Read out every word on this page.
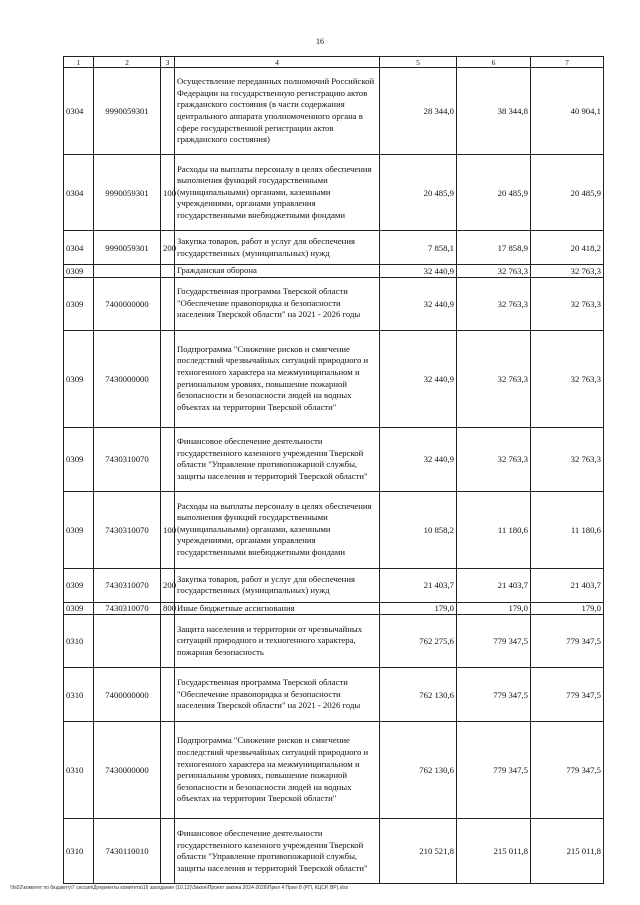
16
1	2	3	4	5	6	7
0304	9990059301		Осуществление переданных полномочий Российской Федерации на государственную регистрацию актов гражданского состояния (в части содержания центрального аппарата уполномоченного органа в сфере государственной регистрации актов гражданского состояния)	28 344,0	38 344,8	40 904,1
0304	9990059301	100	Расходы на выплаты персоналу в целях обеспечения выполнения функций государственными (муниципальными) органами, казенными учреждениями, органами управления государственными внебюджетными фондами	20 485,9	20 485,9	20 485,9
0304	9990059301	200	Закупка товаров, работ и услуг для обеспечения государственных (муниципальных) нужд	7 858,1	17 858,9	20 418,2
0309			Гражданская оборона	32 440,9	32 763,3	32 763,3
0309	7400000000		Государственная программа Тверской области "Обеспечение правопорядка и безопасности населения Тверской области" на 2021 - 2026 годы	32 440,9	32 763,3	32 763,3
0309	7430000000		Подпрограмма "Снижение рисков и смягчение последствий чрезвычайных ситуаций природного и техногенного характера на межмуниципальном и региональном уровнях, повышение пожарной безопасности и безопасности людей на водных объектах на территории Тверской области"	32 440,9	32 763,3	32 763,3
0309	7430310070		Финансовое обеспечение деятельности государственного казенного учреждения Тверской области "Управление противопожарной службы, защиты населения и территорий Тверской области"	32 440,9	32 763,3	32 763,3
0309	7430310070	100	Расходы на выплаты персоналу в целях обеспечения выполнения функций государственными (муниципальными) органами, казенными учреждениями, органами управления государственными внебюджетными фондами	10 858,2	11 180,6	11 180,6
0309	7430310070	200	Закупка товаров, работ и услуг для обеспечения государственных (муниципальных) нужд	21 403,7	21 403,7	21 403,7
0309	7430310070	800	Иные бюджетные ассигнования	179,0	179,0	179,0
0310			Защита населения и территории от чрезвычайных ситуаций природного и техногенного характера, пожарная безопасность	762 275,6	779 347,5	779 347,5
0310	7400000000		Государственная программа Тверской области "Обеспечение правопорядка и безопасности населения Тверской области" на 2021 - 2026 годы	762 130,6	779 347,5	779 347,5
0310	7430000000		Подпрограмма "Снижение рисков и смягчение последствий чрезвычайных ситуаций природного и техногенного характера на межмуниципальном и региональном уровнях, повышение пожарной безопасности и безопасности людей на водных объектах на территории Тверской области"	762 130,6	779 347,5	779 347,5
0310	7430110010		Финансовое обеспечение деятельности государственного казенного учреждения Тверской области "Управление противопожарной службы, защиты населения и территорий Тверской области"	210 521,8	215 011,8	215 011,8
\\fs02\комитет по бюджету\7 сессия\Документы комитета\16 заседание (10.12)\Закон\Проект закона 2024-2026\Прил 4 Прил 8 (РП, КЦСР, ВР).xlsx
